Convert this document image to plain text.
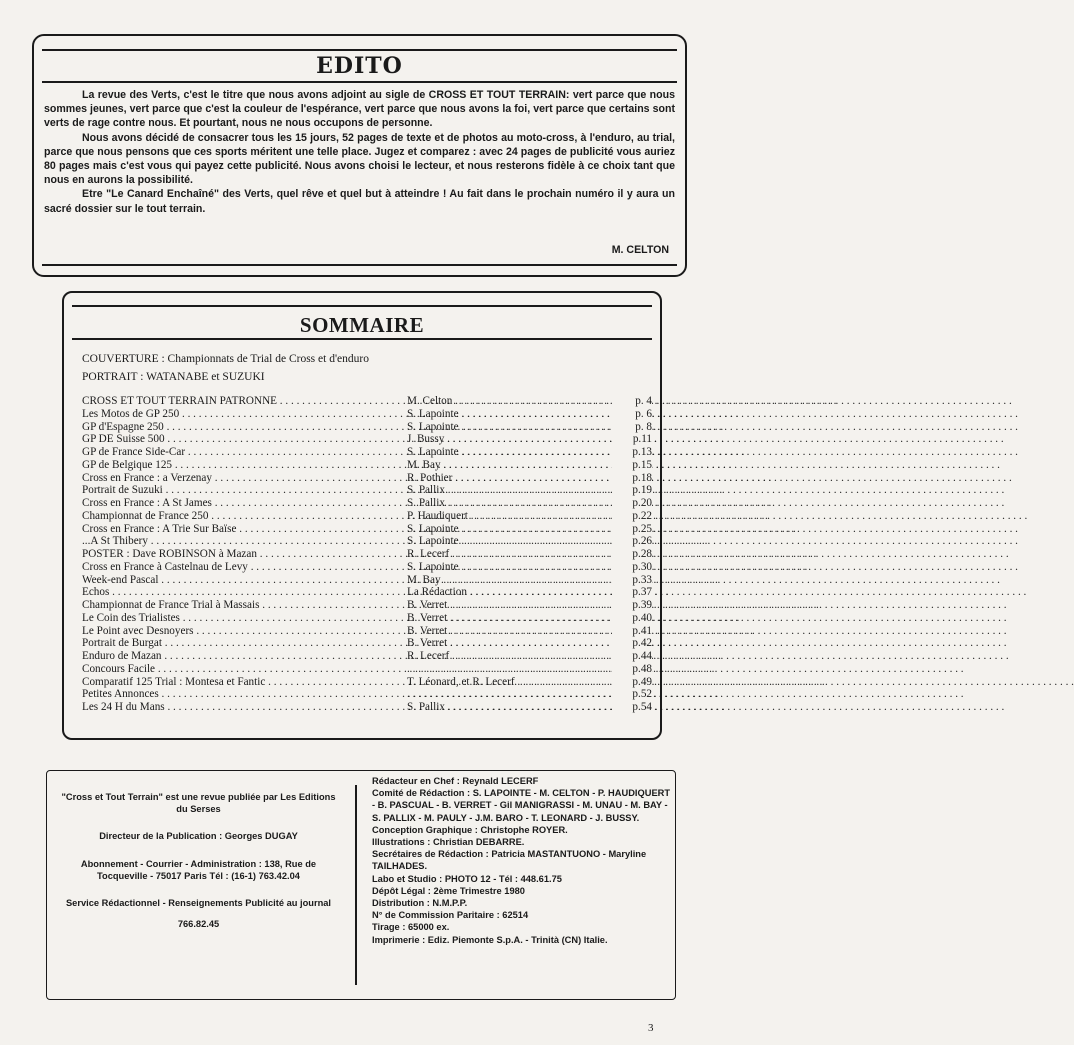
EDITO

La revue des Verts, c'est le titre que nous avons adjoint au sigle de CROSS ET TOUT TERRAIN: vert parce que nous sommes jeunes, vert parce que c'est la couleur de l'espérance, vert parce que nous avons la foi, vert parce que certains sont verts de rage contre nous. Et pourtant, nous ne nous occupons de personne.

Nous avons décidé de consacrer tous les 15 jours, 52 pages de texte et de photos au moto-cross, à l'enduro, au trial, parce que nous pensons que ces sports méritent une telle place. Jugez et comparez : avec 24 pages de publicité vous auriez 80 pages mais c'est vous qui payez cette publicité. Nous avons choisi le lecteur, et nous resterons fidèle à ce choix tant que nous en aurons la possibilité.

Etre "Le Canard Enchaîné" des Verts, quel rêve et quel but à atteindre ! Au fait dans le prochain numéro il y aura un sacré dossier sur le tout terrain.

M. CELTON
SOMMAIRE
COUVERTURE : Championnats de Trial de Cross et d'enduro
PORTRAIT : WATANABE et SUZUKI
CROSS ET TOUT TERRAIN PATRONNE . . .	M. Celton . . .	p. 4
Les Motos de GP 250 . . .	S. Lapointe . . .	p. 6
GP d'Espagne 250 . . .	S. Lapointe . . .	p. 8
GP DE Suisse 500 . . .	J. Bussy . . .	p.11
GP de France Side-Car . . .	S. Lapointe . . .	p.13
GP de Belgique 125 . . .	M. Bay . . .	p.15
Cross en France : a Verzenay . . .	R. Pothier . . .	p.18
Portrait de Suzuki . . .	S. Pallix . . .	p.19
Cross en France : A St James . . .	S. Pallix . . .	p.20
Championnat de France 250 . . .	P. Haudiquert . . .	p.22
Cross en France : A Trie Sur Baïse . . .	S. Lapointe . . .	p.25
...A St Thibery . . .	S. Lapointe . . .	p.26
POSTER : Dave ROBINSON à Mazan . . .	R. Lecerf . . .	p.28
Cross en France à Castelnau de Levy . . .	S. Lapointe . . .	p.30
Week-end Pascal . . .	M. Bay . . .	p.33
Echos . . .	La Rédaction . . .	p.37
Championnat de France Trial à Massais . . .	B. Verret . . .	p.39
Le Coin des Trialistes . . .	B. Verret . . .	p.40
Le Point avec Desnoyers . . .	B. Verret . . .	p.41
Portrait de Burgat . . .	B. Verret . . .	p.42
Enduro de Mazan . . .	R. Lecerf . . .	p.44
Concours Facile . . . . . .	p.48
Comparatif 125 Trial : Montesa et Fantic . . .	T. Léonard, et R. Lecerf . . .	p.49
Petites Annonces . . . . . .	p.52
Les 24 H du Mans . . .	S. Pallix . . .	p.54

"Cross et Tout Terrain" est une revue publiée par Les Editions du Serses

Directeur de la Publication : Georges DUGAY

Abonnement - Courrier - Administration : 138, Rue de Tocqueville - 75017 Paris Tél : (16-1) 763.42.04

Service Rédactionnel - Renseignements Publicité au journal

766.82.45

Rédacteur en Chef : Reynald LECERF
Comité de Rédaction : S. LAPOINTE - M. CELTON - P. HAUDIQUERT - B. PASCUAL - B. VERRET - Gil MANIGRASSI - M. UNAU - M. BAY - S. PALLIX - M. PAULY - J.M. BARO - T. LEONARD - J. BUSSY.
Conception Graphique : Christophe ROYER.
Illustrations : Christian DEBARRE.
Secrétaires de Rédaction : Patricia MASTANTUONO - Maryline TAILHADES.
Labo et Studio : PHOTO 12 - Tél : 448.61.75
Dépôt Légal : 2ème Trimestre 1980
Distribution : N.M.P.P.
N° de Commission Paritaire : 62514
Tirage : 65000 ex.
Imprimerie : Ediz. Piemonte S.p.A. - Trinità (CN) Italie.
3
